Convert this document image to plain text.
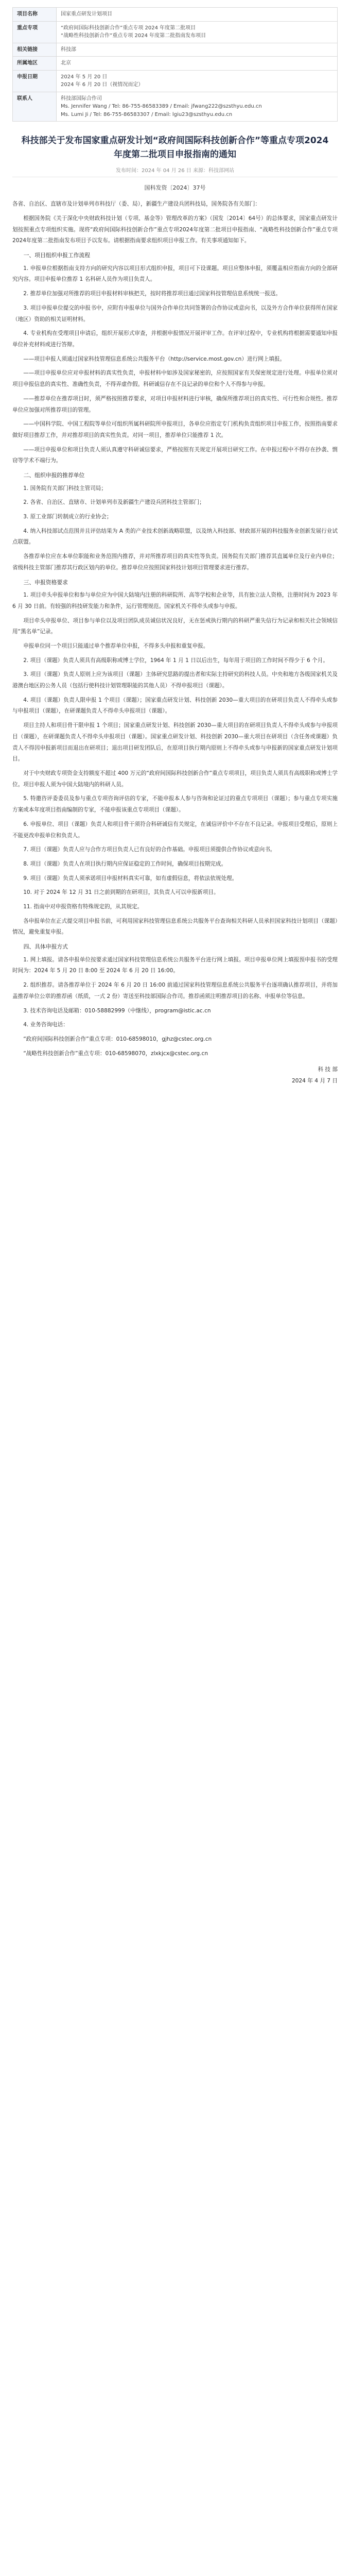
项目名称	国家重点研发计划项目

重点专项	“政府间国际科技创新合作”重点专项 2024 年度第二批项目
“战略性科技创新合作”重点专项 2024 年度第二批指南发布项目

相关链接	科技部

所属地区	北京

申报日期	2024 年 5 月 20 日
2024 年 6 月 20 日（视情况而定）

联系人	科技部国际合作司
Ms. Jennifer Wang / Tel: 86-755-86583389 / Email: jfwang222@szsthyu.edu.cn
Ms. Lumi Ji / Tel: 86-755-86583307 / Email: lgiu23@szsthyu.edu.cn
科技部关于发布国家重点研发计划“政府间国际科技创新合作”等重点专项2024年度第二批项目申报指南的通知
发布时间：2024 年 04 月 26 日 来源：科技部网站
国科发资〔2024〕37号

各省、自治区、直辖市及计划单列市科技厅（委、局），新疆生产建设兵团科技局，国务院各有关部门：

根据国务院《关于深化中央财政科技计划（专项、基金等）管理改革的方案》（国发〔2014〕64号）的总体要求，国家重点研发计划按照重点专项组织实施。现将“政府间国际科技创新合作”重点专项2024年度第二批项目申报指南、“战略性科技创新合作”重点专项2024年度第二批指南发布项目予以发布。请根据指南要求组织项目申报工作。有关事项通知如下。

一、项目组织申报工作流程

1. 申报单位根据指南支持方向的研究内容以项目形式组织申报，项目可下设课题。项目应整体申报，须覆盖相应指南方向的全部研究内容。项目申报单位推荐 1 名科研人员作为项目负责人。

2. 推荐单位加强对所推荐的项目申报材料审核把关，按时将推荐项目通过国家科技管理信息系统统一报送。

3. 项目申报单位提交的申报书中，应附有申报单位与国外合作单位共同签署的合作协议或意向书，以及外方合作单位获得所在国家（地区）资助的相关证明材料。

4. 专业机构在受理项目申请后，组织开展形式审查，并根据申报情况开展评审工作。在评审过程中，专业机构将根据需要通知申报单位补充材料或进行答辩。

——项目申报人须通过国家科技管理信息系统公共服务平台（http://service.most.gov.cn）进行网上填报。

——项目申报单位应对申报材料的真实性负责，申报材料中如涉及国家秘密的，应按照国家有关保密规定进行处理。申报单位须对项目申报信息的真实性、准确性负责，不得弄虚作假。科研诚信存在不良记录的单位和个人不得参与申报。

——推荐单位在推荐项目时，须严格按照推荐要求，对项目申报材料进行审核，确保所推荐项目的真实性、可行性和合规性。推荐单位应加强对所推荐项目的管理。

——中国科学院、中国工程院等单位可组织所属科研院所申报项目，各单位应指定专门机构负责组织项目申报工作，按照指南要求做好项目推荐工作，并对推荐项目的真实性负责。对同一项目，推荐单位只能推荐 1 次。

——项目申报单位和项目负责人须认真遵守科研诚信要求，严格按照有关规定开展项目研究工作。在申报过程中不得存在抄袭、剽窃等学术不端行为。

二、组织申报的推荐单位

1. 国务院有关部门科技主管司局；

2. 各省、自治区、直辖市、计划单列市及新疆生产建设兵团科技主管部门；

3. 原工业部门转制成立的行业协会；

4. 纳入科技部试点范围并且评估结果为 A 类的产业技术创新战略联盟，以及纳入科技部、财政部开展的科技服务业创新发展行业试点联盟。

各推荐单位应在本单位职能和业务范围内推荐，并对所推荐项目的真实性等负责。国务院有关部门推荐其直属单位及行业内单位；省级科技主管部门推荐其行政区划内的单位。推荐单位应按照国家科技计划项目管理要求进行推荐。

三、申报资格要求

1. 项目牵头申报单位和参与单位应为中国大陆境内注册的科研院所、高等学校和企业等，具有独立法人资格，注册时间为 2023 年 6 月 30 日前。有较强的科技研发能力和条件，运行管理规范。国家机关不得牵头或参与申报。

项目牵头申报单位、项目参与单位以及项目团队成员诚信状况良好，无在惩戒执行期内的科研严重失信行为记录和相关社会领域信用“黑名单”记录。

申报单位同一个项目只能通过单个推荐单位申报，不得多头申报和重复申报。

2. 项目（课题）负责人须具有高级职称或博士学位，1964 年 1 月 1 日以后出生，每年用于项目的工作时间不得少于 6 个月。

3. 项目（课题）负责人原则上应为该项目（课题）主体研究思路的提出者和实际主持研究的科技人员。中央和地方各级国家机关及港澳台地区的公务人员（包括行使科技计划管理职能的其他人员）不得申报项目（课题）。

4. 项目（课题）负责人限申报 1 个项目（课题）；国家重点研发计划、科技创新 2030—重大项目的在研项目负责人不得牵头或参与申报项目（课题），在研课题负责人不得牵头申报项目（课题）。

项目主持人和项目骨干限申报 1 个项目；国家重点研发计划、科技创新 2030—重大项目的在研项目负责人不得牵头或参与申报项目（课题），在研课题负责人不得牵头申报项目（课题）。国家重点研发计划、科技创新 2030—重大项目在研项目（含任务或课题）负责人不得因申报新项目而退出在研项目；退出项目研发团队后，在原项目执行期内原则上不得牵头或参与申报新的国家重点研发计划项目。

对于中央财政专项资金支持额度不超过 400 万元的“政府间国际科技创新合作”重点专项项目，项目负责人须具有高级职称或博士学位。项目申报人须为中国大陆境内的科研人员。

5. 特邀咨评委委员及参与重点专项咨询评估的专家，不能申报本人参与咨询和论证过的重点专项项目（课题）；参与重点专项实施方案或本年度项目指南编制的专家，不能申报该重点专项项目（课题）。

6. 申报单位、项目（课题）负责人和项目骨干须符合科研诚信有关规定，在诚信评价中不存在不良记录。申报项目受理后，原则上不能更改申报单位和负责人。

7. 项目（课题）负责人应与合作方项目负责人已有良好的合作基础。申报项目须提供合作协议或意向书。

8. 项目（课题）负责人在项目执行期内应保证稳定的工作时间，确保项目按期完成。

9. 项目（课题）负责人须承诺项目申报材料真实可靠，如有虚假信息，将依法依规处理。

10. 对于 2024 年 12 月 31 日之前到期的在研项目，其负责人可以申报新项目。

11. 指南中对申报资格有特殊规定的，从其规定。

各申报单位在正式提交项目申报书前，可利用国家科技管理信息系统公共服务平台查询相关科研人员承担国家科技计划项目（课题）情况，避免重复申报。

四、具体申报方式

1. 网上填报。请各申报单位按要求通过国家科技管理信息系统公共服务平台进行网上填报。项目申报单位网上填报预申报书的受理时间为：2024 年 5 月 20 日 8:00 至 2024 年 6 月 20 日 16:00。

2. 组织推荐。请各推荐单位于 2024 年 6 月 20 日 16:00 前通过国家科技管理信息系统公共服务平台逐项确认推荐项目，并将加盖推荐单位公章的推荐函（纸质，一式 2 份）寄送至科技部国际合作司。推荐函须注明推荐项目的名称、申报单位等信息。

3. 技术咨询电话及邮箱：010-58882999（中继线），program@istic.ac.cn

4. 业务咨询电话：

“政府间国际科技创新合作”重点专项：010-68598010，gjhz@cstec.org.cn

“战略性科技创新合作”重点专项：010-68598070，zlxkjcx@cstec.org.cn

科 技 部
2024 年 4 月 7 日
